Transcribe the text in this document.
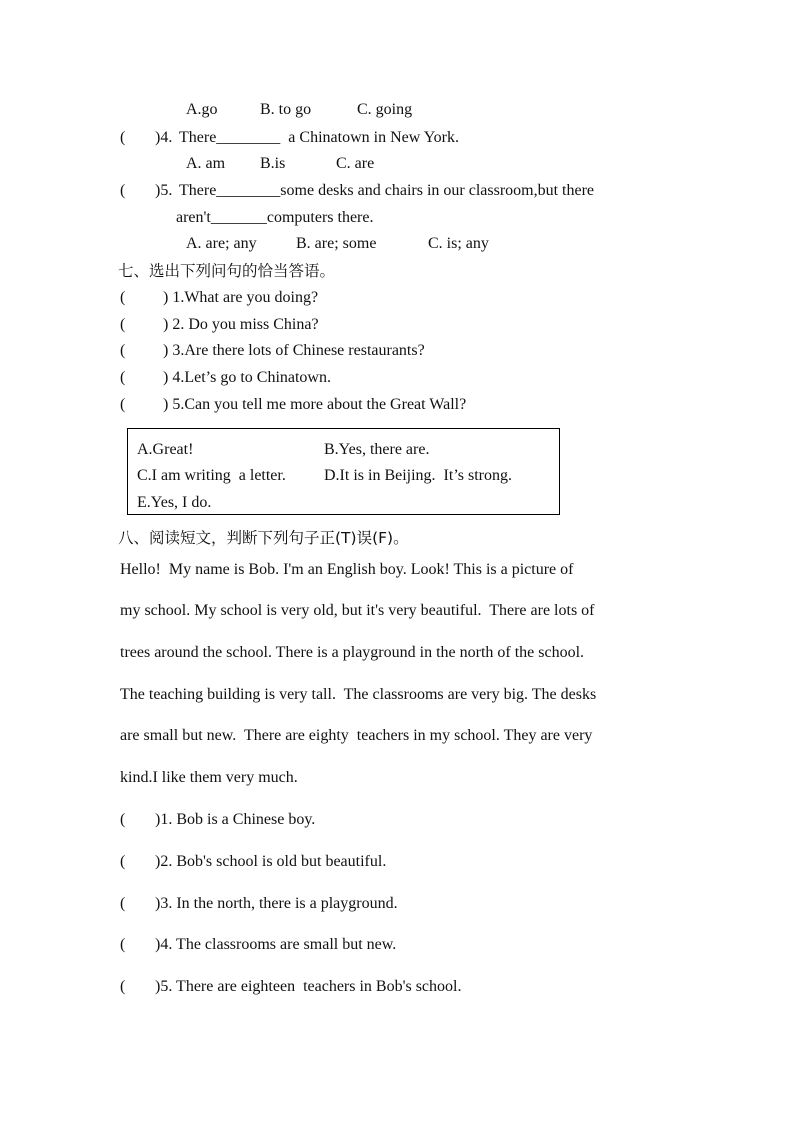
A.go	B. to go	C. going
( )4. There________  a Chinatown in New York.
A. am B.is	C. are
( )5. There________some desks and chairs in our classroom,but there
aren't_______computers there.
A. are; any B. are; some	C. is; any
七、选出下列问句的恰当答语。
( ) 1.What are you doing?
( ) 2. Do you miss China?
( ) 3.Are there lots of Chinese restaurants?
( ) 4.Let’s go to Chinatown.
( ) 5.Can you tell me more about the Great Wall?
A.Great!	B.Yes, there are.
C.I am writing  a letter. D.It is in Beijing.  It’s strong.
E.Yes, I do.
八、阅读短文，判断下列句子正(T)误(F)。
Hello!  My name is Bob. I'm an English boy. Look! This is a picture of
my school. My school is very old, but it's very beautiful.  There are lots of
trees around the school. There is a playground in the north of the school.
The teaching building is very tall.  The classrooms are very big. The desks
are small but new.  There are eighty  teachers in my school. They are very
kind.I like them very much.
( )1. Bob is a Chinese boy.
( )2. Bob's school is old but beautiful.
( )3. In the north, there is a playground.
( )4. The classrooms are small but new.
( )5. There are eighteen  teachers in Bob's school.
